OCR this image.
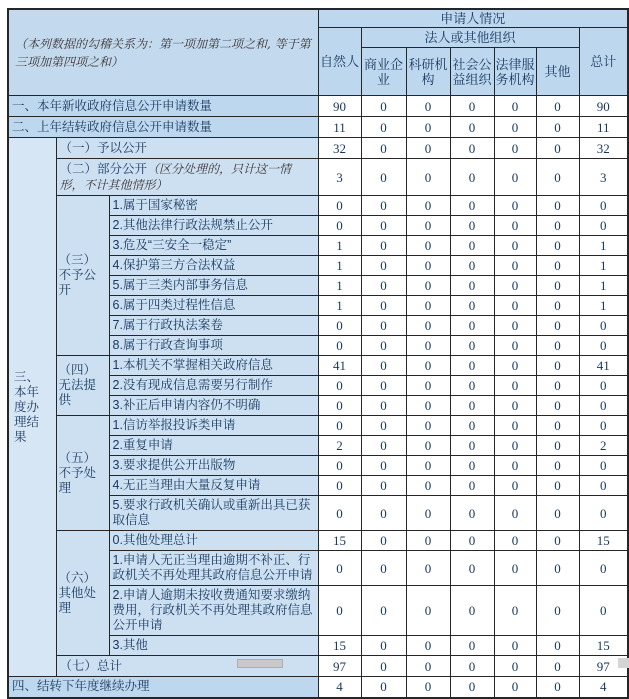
（本列数据的勾稽关系为：第一项加第二项之和, 等于第三项加第四项之和）			申请人情况						
			自然人	法人或其他组织					总计
				商业企业	科研机构	社会公益组织	法律服务机构	其他	
一、本年新收政府信息公开申请数量			90	0	0	0	0	0	90
二、上年结转政府信息公开申请数量			11	0	0	0	0	0	11
三、本年度办理结果	（一）予以公开		32	0	0	0	0	0	32
	（二）部分公开（区分处理的，只计这一情形，不计其他情形）		3	0	0	0	0	0	3
	（三）不予公开	1.属于国家秘密	0	0	0	0	0	0	0
		2.其他法律行政法规禁止公开	0	0	0	0	0	0	0
		3.危及“三安全一稳定”	1	0	0	0	0	0	1
		4.保护第三方合法权益	1	0	0	0	0	0	1
		5.属于三类内部事务信息	1	0	0	0	0	0	1
		6.属于四类过程性信息	1	0	0	0	0	0	1
		7.属于行政执法案卷	0	0	0	0	0	0	0
		8.属于行政查询事项	0	0	0	0	0	0	0
	（四）无法提供	1.本机关不掌握相关政府信息	41	0	0	0	0	0	41
		2.没有现成信息需要另行制作	0	0	0	0	0	0	0
		3.补正后申请内容仍不明确	0	0	0	0	0	0	0
	（五）不予处理	1.信访举报投诉类申请	0	0	0	0	0	0	0
		2.重复申请	2	0	0	0	0	0	2
		3.要求提供公开出版物	0	0	0	0	0	0	0
		4.无正当理由大量反复申请	0	0	0	0	0	0	0
		5.要求行政机关确认或重新出具已获取信息	0	0	0	0	0	0	0
	（六）其他处理	0.其他处理总计	15	0	0	0	0	0	15
		1.申请人无正当理由逾期不补正、行政机关不再处理其政府信息公开申请	0	0	0	0	0	0	0
		2.申请人逾期未按收费通知要求缴纳费用，行政机关不再处理其政府信息公开申请	0	0	0	0	0	0	0
		3.其他	15	0	0	0	0	0	15
	（七）总计		97	0	0	0	0	0	97
四、结转下年度继续办理			4	0	0	0	0	0	4
